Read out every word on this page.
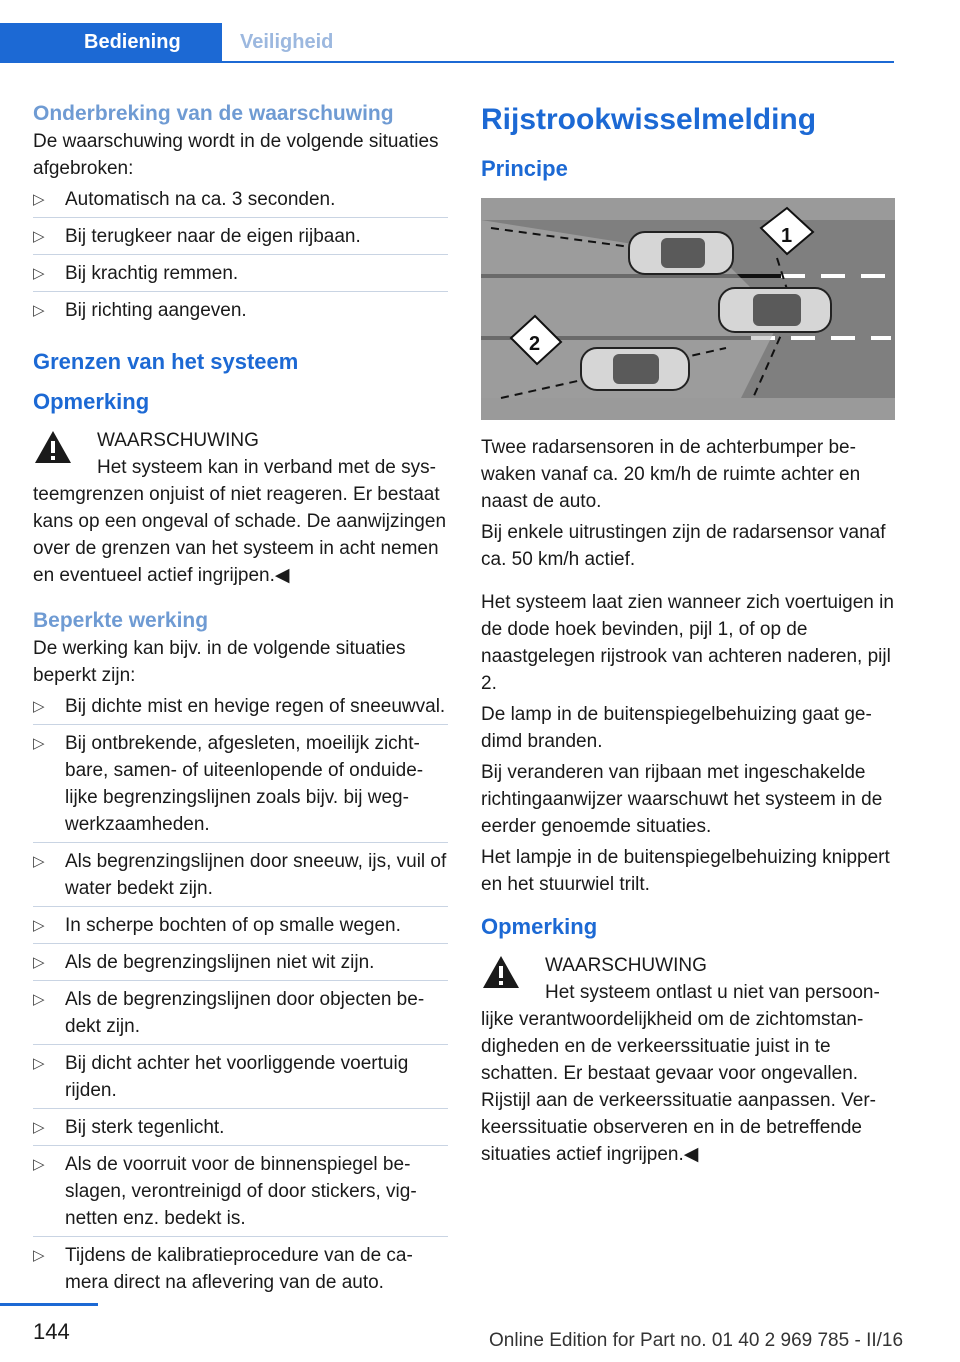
Bediening	Veiligheid
Onderbreking van de waarschuwing

De waarschuwing wordt in de volgende situaties afgebroken:

▷ Automatisch na ca. 3 seconden.
▷ Bij terugkeer naar de eigen rijbaan.
▷ Bij krachtig remmen.
▷ Bij richting aangeven.
Grenzen van het systeem
Opmerking
WAARSCHUWING

Het systeem kan in verband met de systeemgrenzen onjuist of niet reageren. Er bestaat kans op een ongeval of schade. De aanwijzingen over de grenzen van het systeem in acht nemen en eventueel actief ingrijpen.◀

Beperkte werking

De werking kan bijv. in de volgende situaties beperkt zijn:

▷ Bij dichte mist en hevige regen of sneeuwval.
▷ Bij ontbrekende, afgesleten, moeilijk zichtbare, samen- of uiteenlopende of onduidelijke begrenzingslijnen zoals bijv. bij wegwerkzaamheden.
▷ Als begrenzingslijnen door sneeuw, ijs, vuil of water bedekt zijn.
▷ In scherpe bochten of op smalle wegen.
▷ Als de begrenzingslijnen niet wit zijn.
▷ Als de begrenzingslijnen door objecten bedekt zijn.
▷ Bij dicht achter het voorliggende voertuig rijden.
▷ Bij sterk tegenlicht.
▷ Als de voorruit voor de binnenspiegel beslagen, verontreinigd of door stickers, vignetten enz. bedekt is.
▷ Tijdens de kalibratieprocedure van de camera direct na aflevering van de auto.
Rijstrookwisselmelding
Principe
1
2

Twee radarsensoren in de achterbumper bewaken vanaf ca. 20 km/h de ruimte achter en naast de auto.

Bij enkele uitrustingen zijn de radarsensor vanaf ca. 50 km/h actief.

Het systeem laat zien wanneer zich voertuigen in de dode hoek bevinden, pijl 1, of op de naastgelegen rijstrook van achteren naderen, pijl 2.

De lamp in de buitenspiegelbehuizing gaat gedimd branden.

Bij veranderen van rijbaan met ingeschakelde richtingaanwijzer waarschuwt het systeem in de eerder genoemde situaties.

Het lampje in de buitenspiegelbehuizing knippert en het stuurwiel trilt.

Opmerking
WAARSCHUWING

Het systeem ontlast u niet van persoonlijke verantwoordelijkheid om de zichtomstandigheden en de verkeerssituatie juist in te schatten. Er bestaat gevaar voor ongevallen. Rijstijl aan de verkeerssituatie aanpassen. Verkeerssituatie observeren en in de betreffende situaties actief ingrijpen.◀

144	Online Edition for Part no. 01 40 2 969 785 - II/16
